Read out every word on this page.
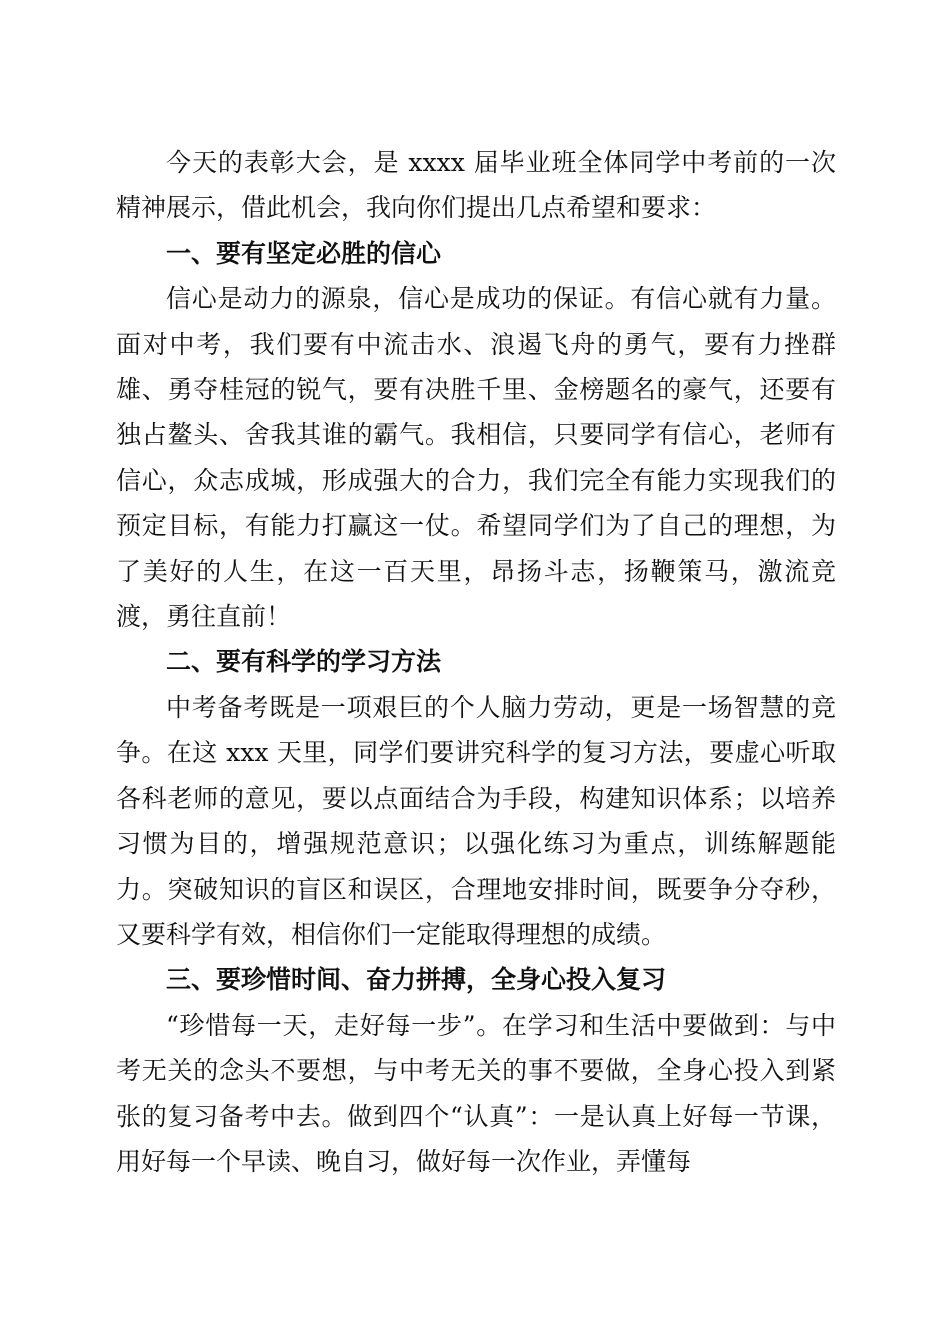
今天的表彰大会，是 xxxx 届毕业班全体同学中考前的一次精神展示，借此机会，我向你们提出几点希望和要求：

一、要有坚定必胜的信心

信心是动力的源泉，信心是成功的保证。有信心就有力量。面对中考，我们要有中流击水、浪遏飞舟的勇气，要有力挫群雄、勇夺桂冠的锐气，要有决胜千里、金榜题名的豪气，还要有独占鳌头、舍我其谁的霸气。我相信，只要同学有信心，老师有信心，众志成城，形成强大的合力，我们完全有能力实现我们的预定目标，有能力打赢这一仗。希望同学们为了自己的理想，为了美好的人生，在这一百天里，昂扬斗志，扬鞭策马，激流竞渡，勇往直前！

二、要有科学的学习方法

中考备考既是一项艰巨的个人脑力劳动，更是一场智慧的竞争。在这 xxx 天里，同学们要讲究科学的复习方法，要虚心听取各科老师的意见，要以点面结合为手段，构建知识体系；以培养习惯为目的，增强规范意识；以强化练习为重点，训练解题能力。突破知识的盲区和误区，合理地安排时间，既要争分夺秒，又要科学有效，相信你们一定能取得理想的成绩。

三、要珍惜时间、奋力拼搏，全身心投入复习

“珍惜每一天，走好每一步”。在学习和生活中要做到：与中考无关的念头不要想，与中考无关的事不要做，全身心投入到紧张的复习备考中去。做到四个“认真”：一是认真上好每一节课，用好每一个早读、晚自习，做好每一次作业，弄懂每
